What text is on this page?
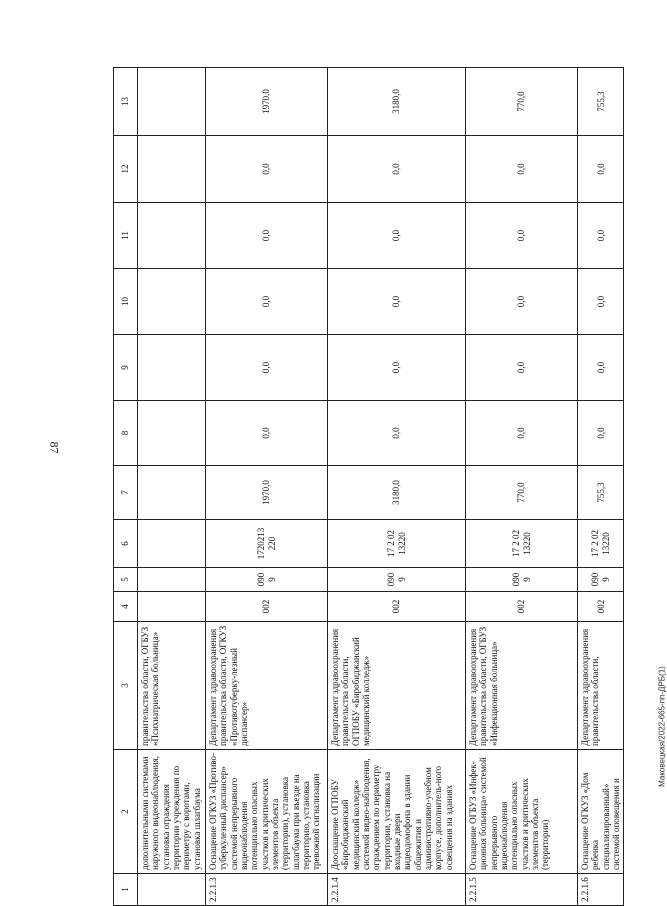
87
Маковецкая/2022-665-пп-ДРБ(1)
1	2	3	4	5	6	7	8	9	10	11	12	13
	дополнительными системами наружного видеонаблюдения, установка ограждения территории учреждения по периметру с воротами, установка шлагбаума	правительства области, ОГБУЗ «Психиатрическая больница»										
2.2.1.3	Оснащение ОГКУЗ «Противо-туберкулезный диспансер» системой непрерывного видеонаблюдения потенциально опасных участков и критических элементов объекта (территории), установка шлагбаума при въезде на территорию, установка тревожной сигнализации	Департамент здравоохранения правительства области, ОГКУЗ «Противотуберку-лезный диспансер»	002	0909	1720213 220	1970,0	0,0	0,0	0,0	0,0	0,0	1970,0
2.2.1.4	Дооснащение ОГПОБУ «Биробиджанский медицинский колледж» системой видео-наблюдения, ограждением по периметру территории, установка на входные двери видеодомофона в здании общежития и административно-учебном корпусе, дополнитель-ного освещения на зданиях	Департамент здравоохранения правительства области, ОГПОБУ «Биробиджанский медицинский колледж»	002	0909	17 2 02 13220	3180,0	0,0	0,0	0,0	0,0	0,0	3180,0
2.2.1.5	Оснащение ОГБУЗ «Инфек-ционная больница» системой непрерывного видеонаблюдения потенциально опасных участков и критических элементов объекта (территории)	Департамент здравоохранения правительства области, ОГБУЗ «Инфекционная больница»	002	0909	17 2 02 13220	770,0	0,0	0,0	0,0	0,0	0,0	770,0
2.2.1.6	Оснащение ОГКУЗ «Дом ребенка специализированный» системой оповещения и	Департамент здравоохранения правительства области,	002	0909	17 2 02 13220	755,3	0,0	0,0	0,0	0,0	0,0	755,3
